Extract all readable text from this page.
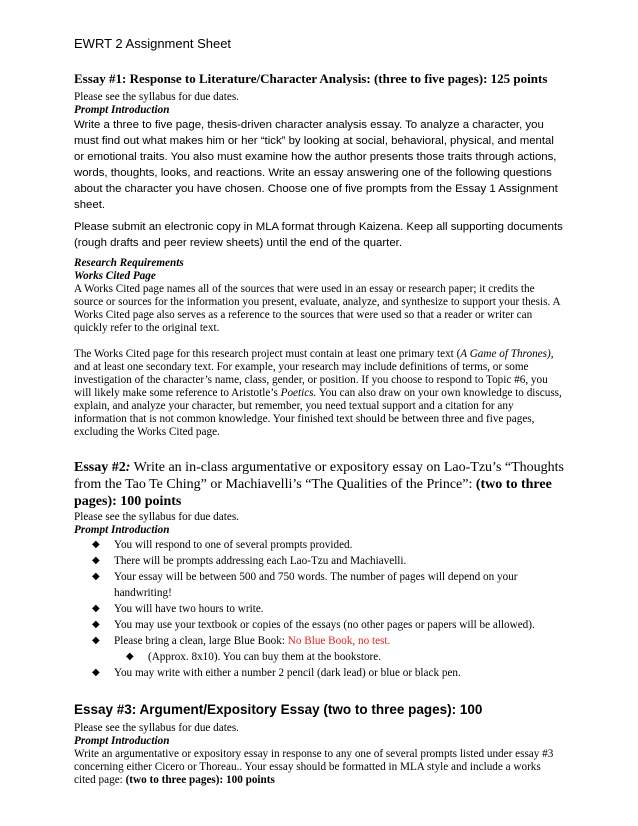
EWRT 2 Assignment Sheet
Essay #1: Response to Literature/Character Analysis: (three to five pages): 125 points

Please see the syllabus for due dates.

Prompt Introduction

Write a three to five page, thesis-driven character analysis essay. To analyze a character, you must find out what makes him or her “tick” by looking at social, behavioral, physical, and mental or emotional traits. You also must examine how the author presents those traits through actions, words, thoughts, looks, and reactions. Write an essay answering one of the following questions about the character you have chosen. Choose one of five prompts from the Essay 1 Assignment sheet.

Please submit an electronic copy in MLA format through Kaizena. Keep all supporting documents (rough drafts and peer review sheets) until the end of the quarter.

Research Requirements

Works Cited Page

A Works Cited page names all of the sources that were used in an essay or research paper; it credits the source or sources for the information you present, evaluate, analyze, and synthesize to support your thesis. A Works Cited page also serves as a reference to the sources that were used so that a reader or writer can quickly refer to the original text.

The Works Cited page for this research project must contain at least one primary text (A Game of Thrones), and at least one secondary text. For example, your research may include definitions of terms, or some investigation of the character’s name, class, gender, or position. If you choose to respond to Topic #6, you will likely make some reference to Aristotle’s Poetics. You can also draw on your own knowledge to discuss, explain, and analyze your character, but remember, you need textual support and a citation for any information that is not common knowledge. Your finished text should be between three and five pages, excluding the Works Cited page.

Essay #2: Write an in-class argumentative or expository essay on Lao-Tzu’s “Thoughts from the Tao Te Ching” or Machiavelli’s “The Qualities of the Prince”: (two to three pages): 100 points

Please see the syllabus for due dates.

Prompt Introduction

◆ You will respond to one of several prompts provided.
◆ There will be prompts addressing each Lao-Tzu and Machiavelli.
◆ Your essay will be between 500 and 750 words. The number of pages will depend on your handwriting!
◆ You will have two hours to write.
◆ You may use your textbook or copies of the essays (no other pages or papers will be allowed).
◆ Please bring a clean, large Blue Book: No Blue Book, no test.
◆ (Approx. 8x10). You can buy them at the bookstore.
◆ You may write with either a number 2 pencil (dark lead) or blue or black pen.
Essay #3: Argument/Expository Essay (two to three pages): 100

Please see the syllabus for due dates.

Prompt Introduction

Write an argumentative or expository essay in response to any one of several prompts listed under essay #3 concerning either Cicero or Thoreau.. Your essay should be formatted in MLA style and include a works cited page: (two to three pages): 100 points
